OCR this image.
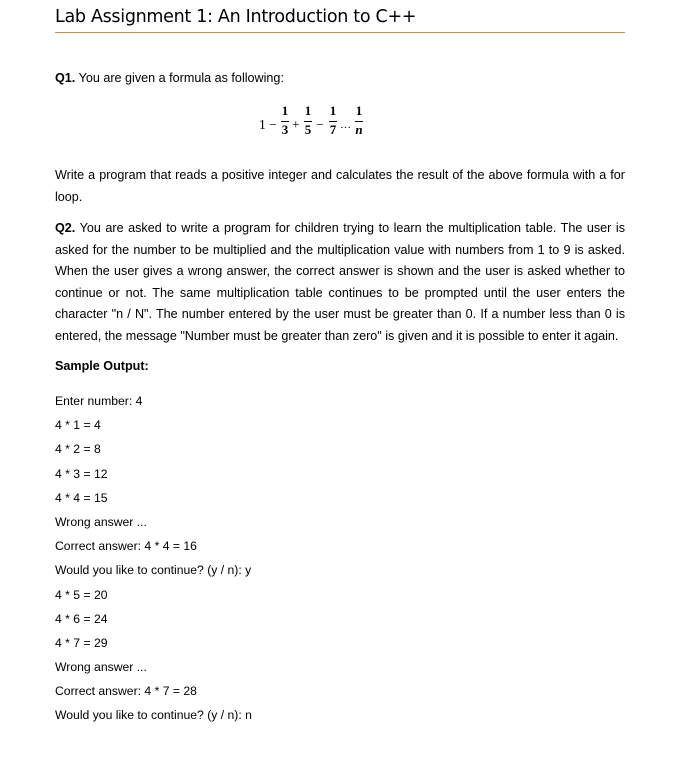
Lab Assignment 1: An Introduction to C++
Q1. You are given a formula as following:
1 −
1
3 +
1
5 −
1
7 …
1
n
Write a program that reads a positive integer and calculates the result of the above formula with a for loop.
Q2. You are asked to write a program for children trying to learn the multiplication table. The user is asked for the number to be multiplied and the multiplication value with numbers from 1 to 9 is asked. When the user gives a wrong answer, the correct answer is shown and the user is asked whether to continue or not. The same multiplication table continues to be prompted until the user enters the character "n / N". The number entered by the user must be greater than 0. If a number less than 0 is entered, the message "Number must be greater than zero" is given and it is possible to enter it again.
Sample Output:
Enter number: 4
4 * 1 = 4
4 * 2 = 8
4 * 3 = 12
4 * 4 = 15
Wrong answer ...
Correct answer: 4 * 4 = 16
Would you like to continue? (y / n): y
4 * 5 = 20
4 * 6 = 24
4 * 7 = 29
Wrong answer ...
Correct answer: 4 * 7 = 28
Would you like to continue? (y / n): n
